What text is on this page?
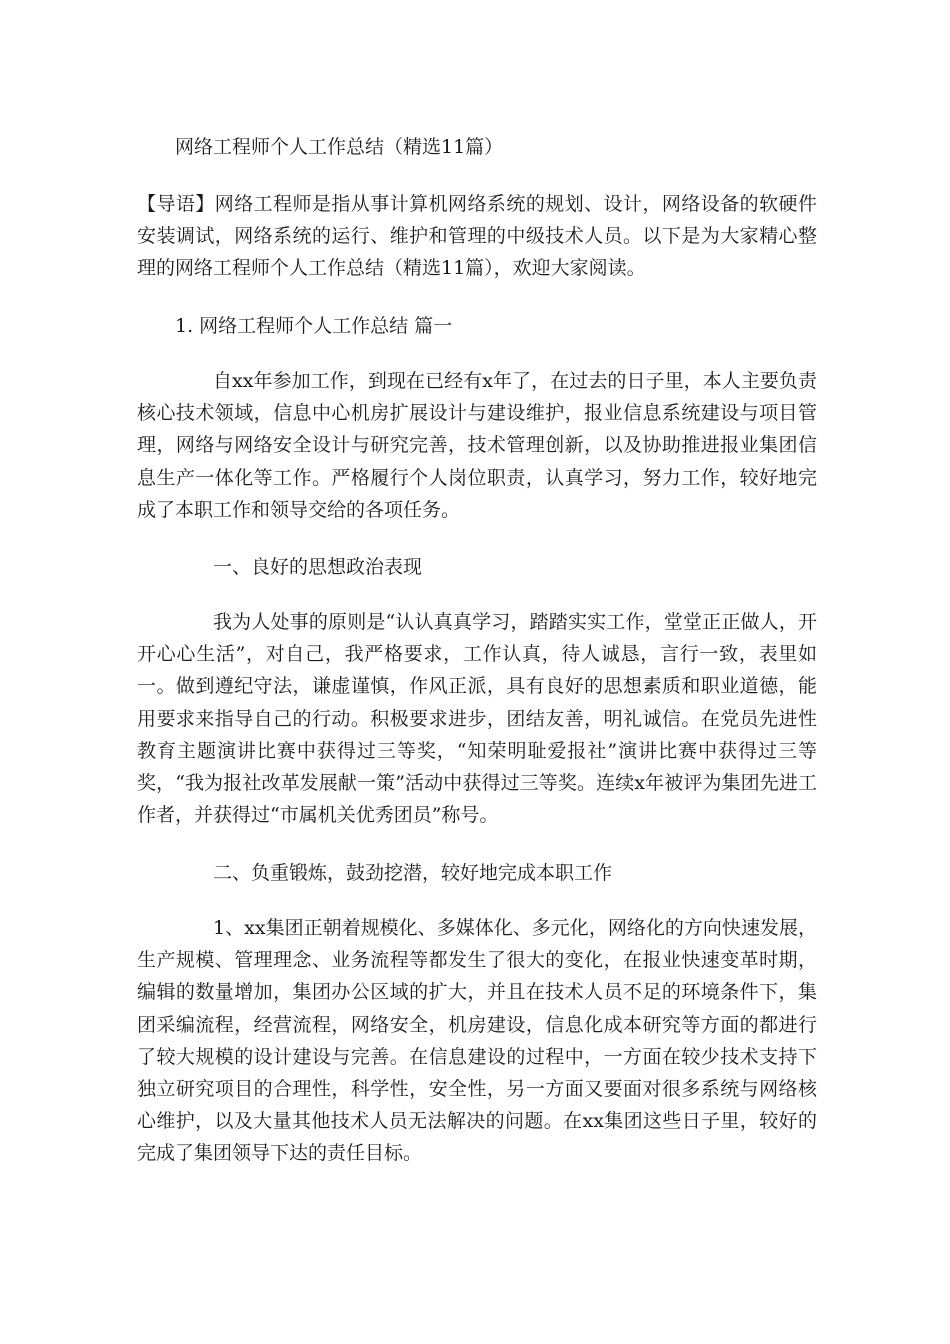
网络工程师个人工作总结（精选11篇）

【导语】网络工程师是指从事计算机网络系统的规划、设计，网络设备的软硬件安装调试，网络系统的运行、维护和管理的中级技术人员。以下是为大家精心整理的网络工程师个人工作总结（精选11篇），欢迎大家阅读。

1. 网络工程师个人工作总结 篇一

自xx年参加工作，到现在已经有x年了，在过去的日子里，本人主要负责核心技术领域，信息中心机房扩展设计与建设维护，报业信息系统建设与项目管理，网络与网络安全设计与研究完善，技术管理创新，以及协助推进报业集团信息生产一体化等工作。严格履行个人岗位职责，认真学习，努力工作，较好地完成了本职工作和领导交给的各项任务。

一、良好的思想政治表现

我为人处事的原则是“认认真真学习，踏踏实实工作，堂堂正正做人，开开心心生活”，对自己，我严格要求，工作认真，待人诚恳，言行一致，表里如一。做到遵纪守法，谦虚谨慎，作风正派，具有良好的思想素质和职业道德，能用要求来指导自己的行动。积极要求进步，团结友善，明礼诚信。在党员先进性教育主题演讲比赛中获得过三等奖，“知荣明耻爱报社”演讲比赛中获得过三等奖，“我为报社改革发展献一策”活动中获得过三等奖。连续x年被评为集团先进工作者，并获得过“市属机关优秀团员”称号。

二、负重锻炼，鼓劲挖潜，较好地完成本职工作

1、xx集团正朝着规模化、多媒体化、多元化，网络化的方向快速发展，生产规模、管理理念、业务流程等都发生了很大的变化，在报业快速变革时期，编辑的数量增加，集团办公区域的扩大，并且在技术人员不足的环境条件下，集团采编流程，经营流程，网络安全，机房建设，信息化成本研究等方面的都进行了较大规模的设计建设与完善。在信息建设的过程中，一方面在较少技术支持下独立研究项目的合理性，科学性，安全性，另一方面又要面对很多系统与网络核心维护，以及大量其他技术人员无法解决的问题。在xx集团这些日子里，较好的完成了集团领导下达的责任目标。
